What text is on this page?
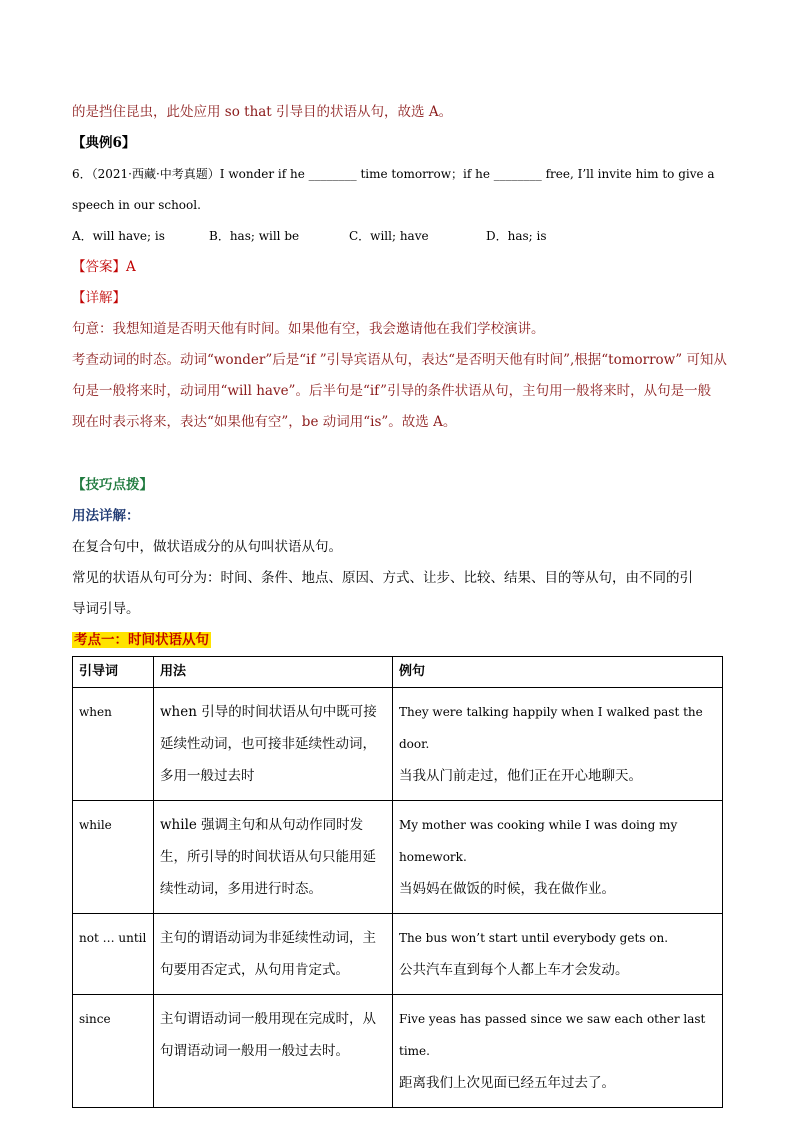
的是挡住昆虫，此处应用 so that 引导目的状语从句，故选 A。
【典例6】
6．（2021·西藏·中考真题）I wonder if he ________ time tomorrow；if he ________ free, I’ll invite him to give a
speech in our school.
A．will have; is	B．has; will be	C．will; have	D．has; is
【答案】A
【详解】
句意：我想知道是否明天他有时间。如果他有空，我会邀请他在我们学校演讲。
考查动词的时态。动词“wonder”后是“if ”引导宾语从句，表达“是否明天他有时间”,根据“tomorrow” 可知从
句是一般将来时，动词用“will have”。后半句是“if”引导的条件状语从句，主句用一般将来时，从句是一般
现在时表示将来，表达“如果他有空”，be 动词用“is”。故选 A。
【技巧点拨】
用法详解：
在复合句中，做状语成分的从句叫状语从句。
常见的状语从句可分为：时间、条件、地点、原因、方式、让步、比较、结果、目的等从句，由不同的引
导词引导。
考点一：时间状语从句
引导词	用法	例句
when	when 引导的时间状语从句中既可接延续性动词，也可接非延续性动词，多用一般过去时	They were talking happily when I walked past the door.
当我从门前走过，他们正在开心地聊天。

while	while 强调主句和从句动作同时发生，所引导的时间状语从句只能用延续性动词，多用进行时态。	My mother was cooking while I was doing my homework.
当妈妈在做饭的时候，我在做作业。

not … until	主句的谓语动词为非延续性动词，主句要用否定式，从句用肯定式。	The bus won’t start until everybody gets on.
公共汽车直到每个人都上车才会发动。

since	主句谓语动词一般用现在完成时，从句谓语动词一般用一般过去时。	Five yeas has passed since we saw each other last time.
距离我们上次见面已经五年过去了。
